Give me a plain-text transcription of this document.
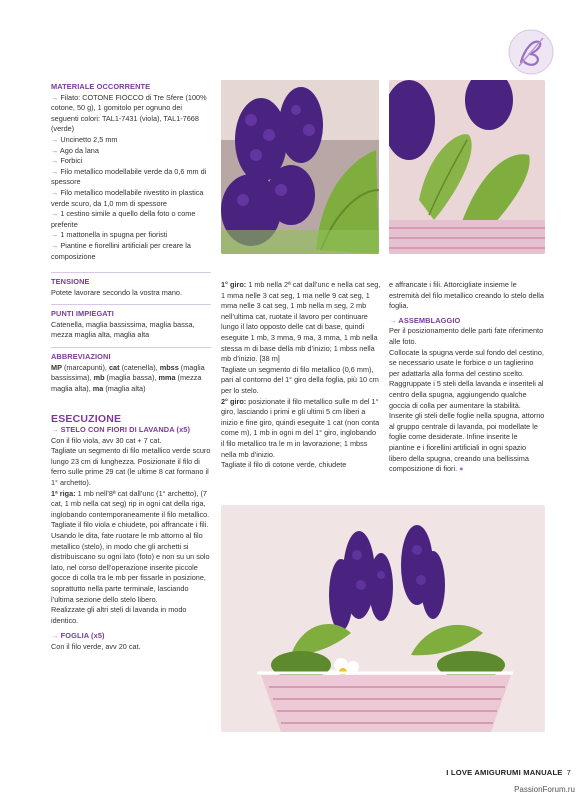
MATERIALE OCCORRENTE

→ Filato: COTONE FIOCCO di Tre Sfere (100% cotone, 50 g), 1 gomitolo per ognuno dei seguenti colori: TAL1-7431 (viola), TAL1-7668 (verde)

→ Uncinetto 2,5 mm

→ Ago da lana

→ Forbici

→ Filo metallico modellabile verde da 0,6 mm di spessore

→ Filo metallico modellabile rivestito in plastica verde scuro, da 1,0 mm di spessore

→ 1 cestino simile a quello della foto o come preferite

→ 1 mattonella in spugna per fioristi

→ Piantine e fiorellini artificiali per creare la composizione

TENSIONE

Potete lavorare secondo la vostra mano.

PUNTI IMPIEGATI

Catenella, maglia bassissima, maglia bassa, mezza maglia alta, maglia alta

ABBREVIAZIONI

MP (marcapunti), cat (catenella), mbss (maglia bassissima), mb (maglia bassa), mma (mezza maglia alta), ma (maglia alta)

ESECUZIONE
→ STELO CON FIORI DI LAVANDA (x5)

Con il filo viola, avv 30 cat + 7 cat.

Tagliate un segmento di filo metallico verde scuro lungo 23 cm di lunghezza. Posizionate il filo di ferro sulle prime 29 cat (le ultime 8 cat formano il 1° archetto).

1ª riga: 1 mb nell’8ª cat dall’unc (1° archetto), (7 cat, 1 mb nella cat seg) rip in ogni cat della riga, inglobando contemporaneamente il filo metallico.

Tagliate il filo viola e chiudete, poi affrancate i fili. Usando le dita, fate ruotare le mb attorno al filo metallico (stelo), in modo che gli archetti si distribuiscano su ogni lato (foto) e non su un solo lato, nel corso dell’operazione inserite piccole gocce di colla tra le mb per fissarle in posizione, soprattutto nella parte terminale, lasciando l’ultima sezione dello stelo libero.

Realizzate gli altri steli di lavanda in modo identico.

→ FOGLIA (x5)

Con il filo verde, avv 20 cat.

1° giro: 1 mb nella 2ª cat dall’unc e nella cat seg, 1 mma nelle 3 cat seg, 1 ma nelle 9 cat seg, 1 mma nelle 3 cat seg, 1 mb nella m seg, 2 mb nell’ultima cat, ruotate il lavoro per continuare lungo il lato opposto delle cat di base, quindi eseguite 1 mb, 3 mma, 9 ma, 3 mma, 1 mb nella stessa m di base della mb d’inizio; 1 mbss nella mb d’inizio. [38 m]

Tagliate un segmento di filo metallico (0,6 mm), pari al contorno del 1° giro della foglia, più 10 cm per lo stelo.

2° giro: posizionate il filo metallico sulle m del 1° giro, lasciando i primi e gli ultimi 5 cm liberi a inizio e fine giro, quindi eseguite 1 cat (non conta come m), 1 mb in ogni m del 1° giro, inglobando il filo metallico tra le m in lavorazione; 1 mbss nella mb d’inizio.

Tagliate il filo di cotone verde, chiudete

e affrancate i fili. Attorcigliate insieme le estremità del filo metallico creando lo stelo della foglia.

→ ASSEMBLAGGIO

Per il posizionamento delle parti fate riferimento alle foto.

Collocate la spugna verde sul fondo del cestino, se necessario usate le forbice o un taglierino per adattarla alla forma del cestino scelto. Raggruppate i 5 steli della lavanda e inseriteli al centro della spugna, aggiungendo qualche goccia di colla per aumentare la stabilità. Inserite gli steli delle foglie nella spugna, attorno al gruppo centrale di lavanda, poi modellate le foglie come desiderate. Infine inserite le piantine e i fiorellini artificiali in ogni spazio libero della spugna, creando una bellissima composizione di fiori. ●

I LOVE AMIGURUMI MANUALE 7
PassionForum.ru
